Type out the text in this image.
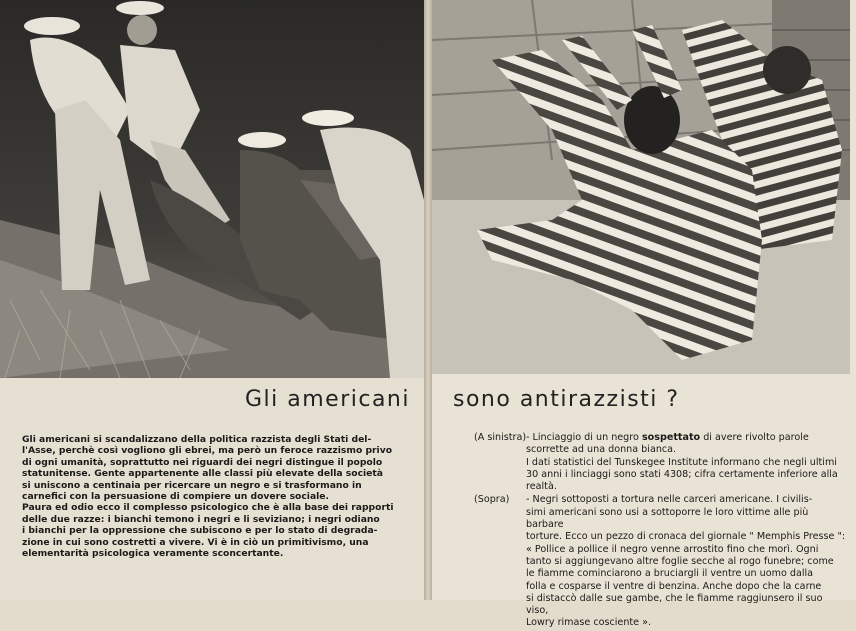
Gli americani sono antirazzisti ?

Gli americani si scandalizzano della politica razzista degli Stati del-

l'Asse, perchè così vogliono gli ebrei, ma però un feroce razzismo privo

di ogni umanità, soprattutto nei riguardi dei negri distingue il popolo

statunitense. Gente appartenente alle classi più elevate della società

si uniscono a centinaia per ricercare un negro e si trasformano in

carnefici con la persuasione di compiere un dovere sociale.

Paura ed odio ecco il complesso psicologico che è alla base dei rapporti

delle due razze: i bianchi temono i negri e li seviziano; i negri odiano

i bianchi per la oppressione che subiscono e per lo stato di degrada-

zione in cui sono costretti a vivere. Vi è in ciò un primitivismo, una

elementarità psicologica veramente sconcertante.

(A sinistra) - Linciaggio di un negro sospettato di avere rivolto parole
scorrette ad una donna bianca.
I dati statistici del Tunskegee Institute informano che negli ultimi
30 anni i linciaggi sono stati 4308; cifra certamente inferiore alla
realtà.
(Sopra) - Negri sottoposti a tortura nelle carceri americane. I civilis-
simi americani sono usi a sottoporre le loro vittime alle più barbare
torture. Ecco un pezzo di cronaca del giornale " Memphis Presse ":
« Pollice a pollice il negro venne arrostito fino che morì. Ogni
tanto si aggiungevano altre foglie secche al rogo funebre; come
le fiamme cominciarono a bruciargli il ventre un uomo dalla
folla e cosparse il ventre di benzina. Anche dopo che la carne
si distaccò dalle sue gambe, che le fiamme raggiunsero il suo viso,
Lowry rimase cosciente ».
